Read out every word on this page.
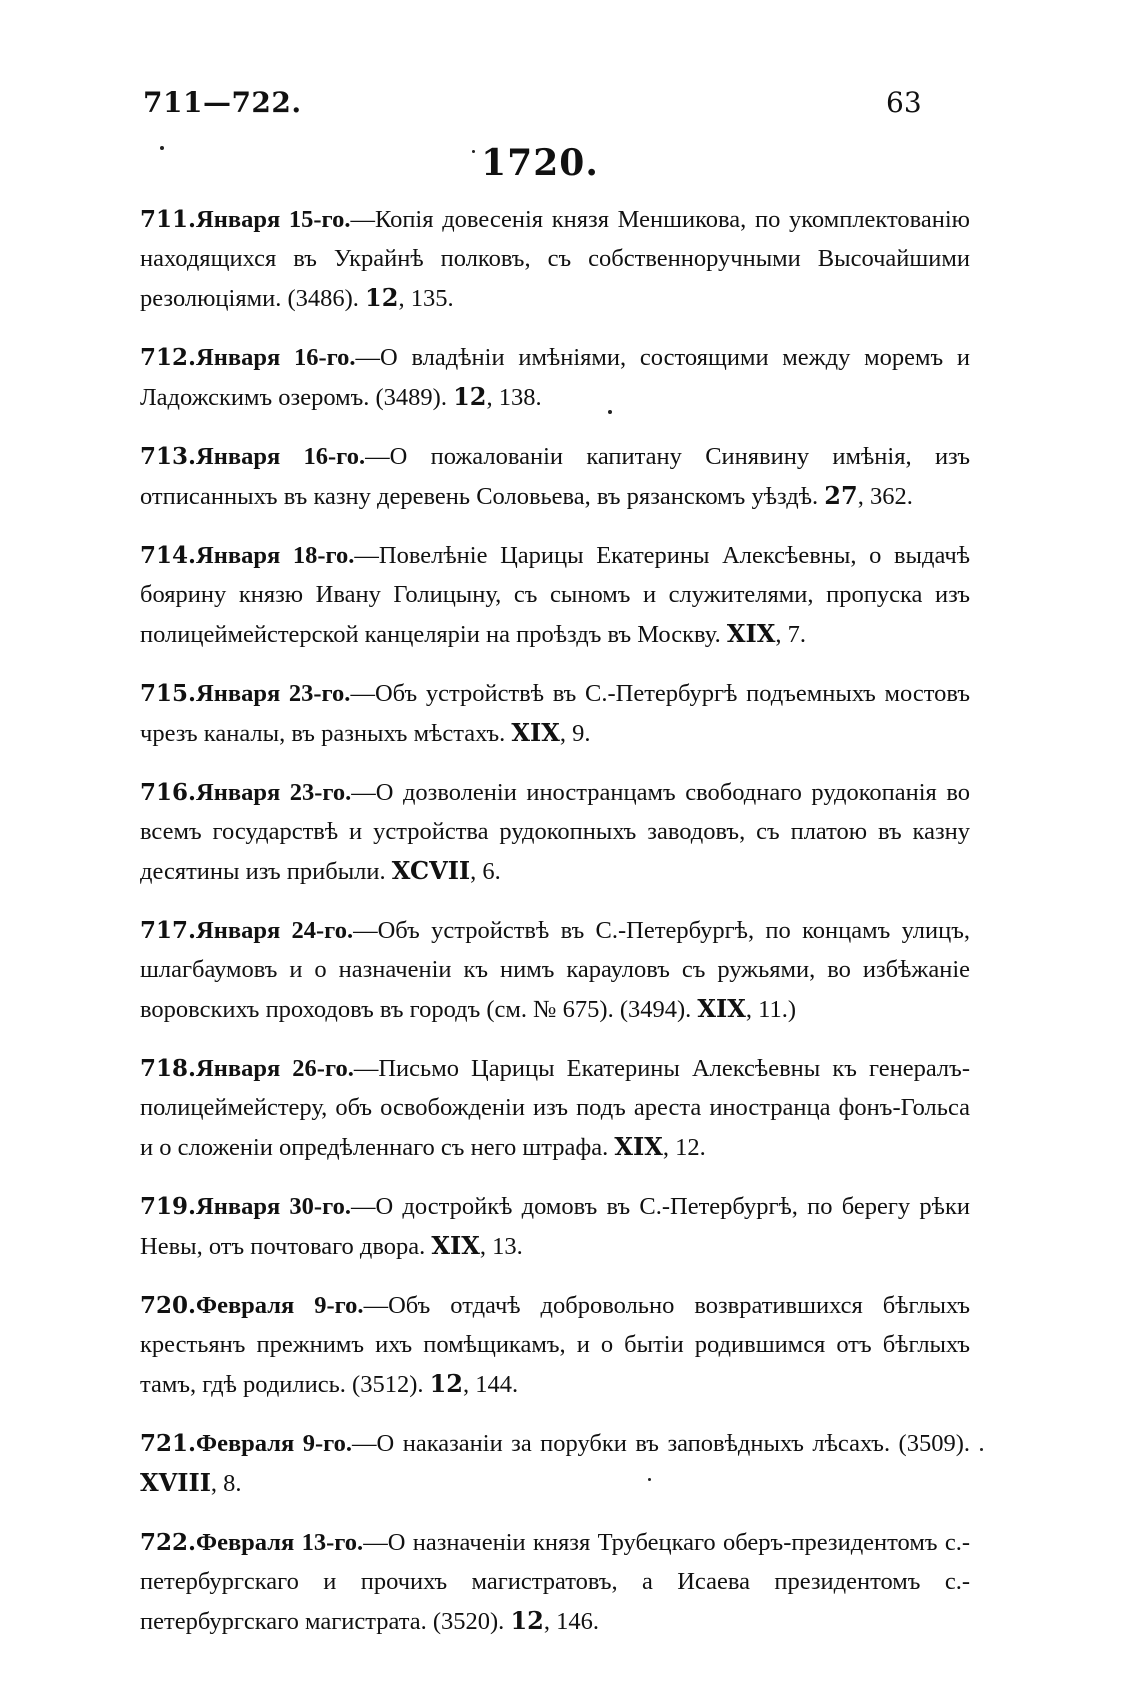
711—722.	63
1720.
711.Января 15-го.—Копія довесенія князя Меншикова, по укомплектованію находящихся въ Украйнѣ полковъ, съ собственноручными Высочайшими резолюціями. (3486). 12, 135.
712.Января 16-го.—О владѣніи имѣніями, состоящими между моремъ и Ладожскимъ озеромъ. (3489). 12, 138.
713.Января 16-го.—О пожалованіи капитану Синявину имѣнія, изъ отписанныхъ въ казну деревень Соловьева, въ рязанскомъ уѣздѣ. 27, 362.
714.Января 18-го.—Повелѣніе Царицы Екатерины Алексѣевны, о выдачѣ боярину князю Ивану Голицыну, съ сыномъ и служителями, пропуска изъ полицеймейстерской канцеляріи на проѣздъ въ Москву. XIX, 7.
715.Января 23-го.—Объ устройствѣ въ С.-Петербургѣ подъемныхъ мостовъ чрезъ каналы, въ разныхъ мѣстахъ. XIX, 9.
716.Января 23-го.—О дозволеніи иностранцамъ свободнаго рудокопанія во всемъ государствѣ и устройства рудокопныхъ заводовъ, съ платою въ казну десятины изъ прибыли. XCVII, 6.
717.Января 24-го.—Объ устройствѣ въ С.-Петербургѣ, по концамъ улицъ, шлагбаумовъ и о назначеніи къ нимъ карауловъ съ ружьями, во избѣжаніе воровскихъ проходовъ въ городъ (см. № 675). (3494). XIX, 11.)
718.Января 26-го.—Письмо Царицы Екатерины Алексѣевны къ генералъ-полицеймейстеру, объ освобожденіи изъ подъ ареста иностранца фонъ-Гольса и о сложеніи опредѣленнаго съ него штрафа. XIX, 12.
719.Января 30-го.—О достройкѣ домовъ въ С.-Петербургѣ, по берегу рѣки Невы, отъ почтоваго двора. XIX, 13.
720.Февраля 9-го.—Объ отдачѣ добровольно возвратившихся бѣглыхъ крестьянъ прежнимъ ихъ помѣщикамъ, и о бытіи родившимся отъ бѣглыхъ тамъ, гдѣ родились. (3512). 12, 144.
721.Февраля 9-го.—О наказаніи за порубки въ заповѣдныхъ лѣсахъ. (3509). XVIII, 8.
722.Февраля 13-го.—О назначеніи князя Трубецкаго оберъ-президентомъ с.-петербургскаго и прочихъ магистратовъ, а Исаева президентомъ с.-петербургскаго магистрата. (3520). 12, 146.
